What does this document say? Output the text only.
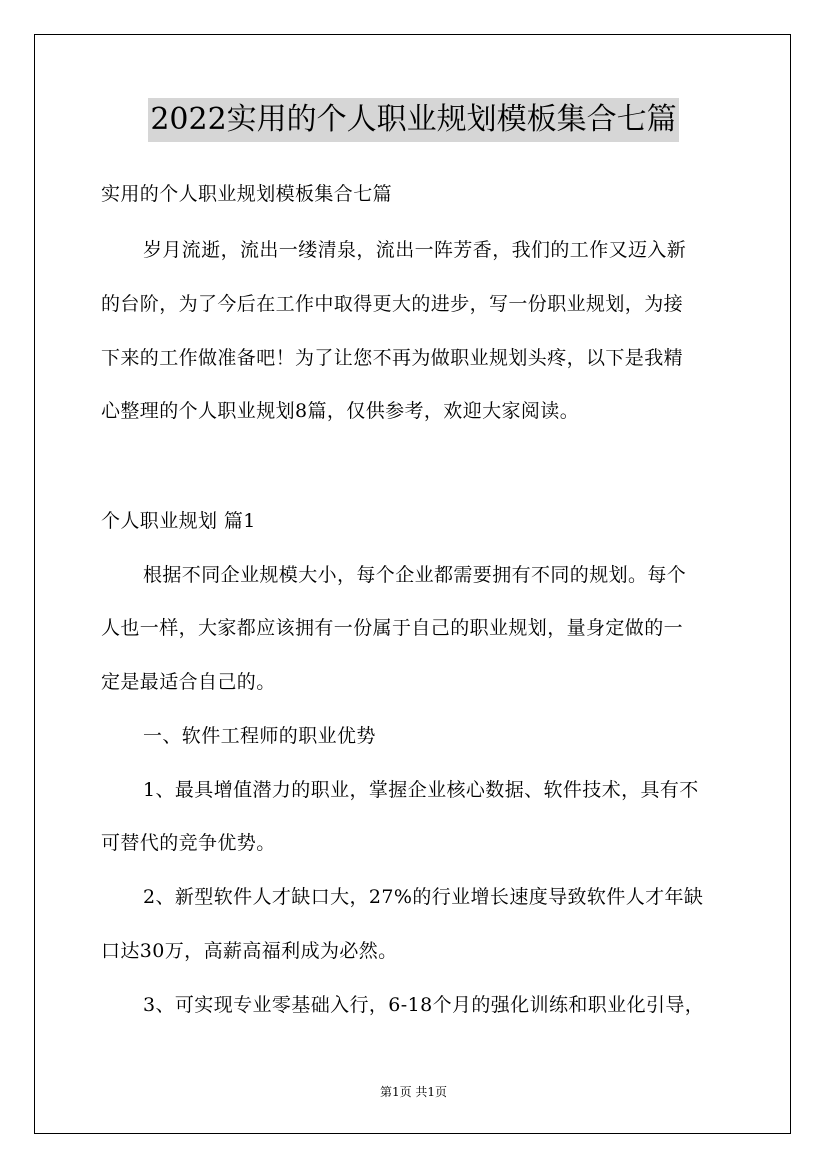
2022实用的个人职业规划模板集合七篇
实用的个人职业规划模板集合七篇
岁月流逝，流出一缕清泉，流出一阵芳香，我们的工作又迈入新
的台阶，为了今后在工作中取得更大的进步，写一份职业规划，为接
下来的工作做准备吧！为了让您不再为做职业规划头疼，以下是我精
心整理的个人职业规划8篇，仅供参考，欢迎大家阅读。
个人职业规划 篇1
根据不同企业规模大小，每个企业都需要拥有不同的规划。每个
人也一样，大家都应该拥有一份属于自己的职业规划，量身定做的一
定是最适合自己的。
一、软件工程师的职业优势
1、最具增值潜力的职业，掌握企业核心数据、软件技术，具有不
可替代的竞争优势。
2、新型软件人才缺口大，27%的行业增长速度导致软件人才年缺
口达30万，高薪高福利成为必然。
3、可实现专业零基础入行，6-18个月的强化训练和职业化引导，
第1页 共1页
